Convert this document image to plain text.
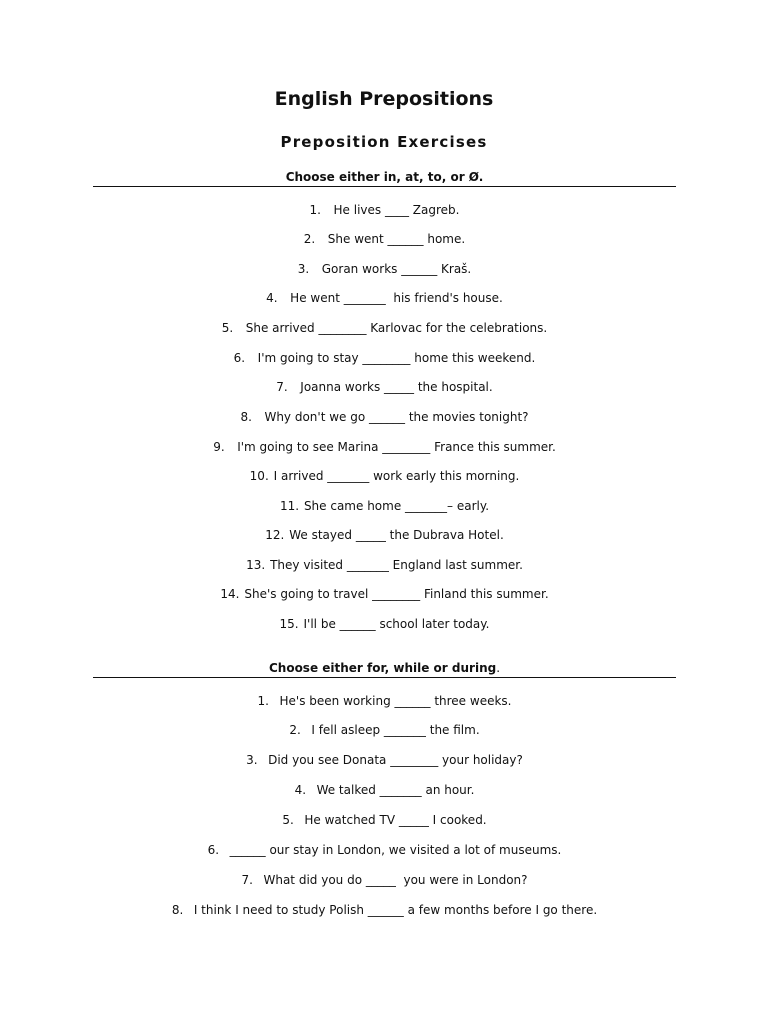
English Prepositions
Preposition Exercises
Choose either in, at, to, or Ø.
1. He lives ____ Zagreb.
2. She went ______ home.
3. Goran works ______ Kraš.
4. He went _______  his friend's house.
5. She arrived ________ Karlovac for the celebrations.
6. I'm going to stay ________ home this weekend.
7. Joanna works _____ the hospital.
8. Why don't we go ______ the movies tonight?
9. I'm going to see Marina ________ France this summer.
10. I arrived _______ work early this morning.
11. She came home _______– early.
12. We stayed _____ the Dubrava Hotel.
13. They visited _______ England last summer.
14. She's going to travel ________ Finland this summer.
15. I'll be ______ school later today.
Choose either for, while or during.
1. He's been working ______ three weeks.
2. I fell asleep _______ the film.
3. Did you see Donata ________ your holiday?
4. We talked _______ an hour.
5. He watched TV _____ I cooked.
6. ______ our stay in London, we visited a lot of museums.
7. What did you do _____  you were in London?
8. I think I need to study Polish ______ a few months before I go there.
